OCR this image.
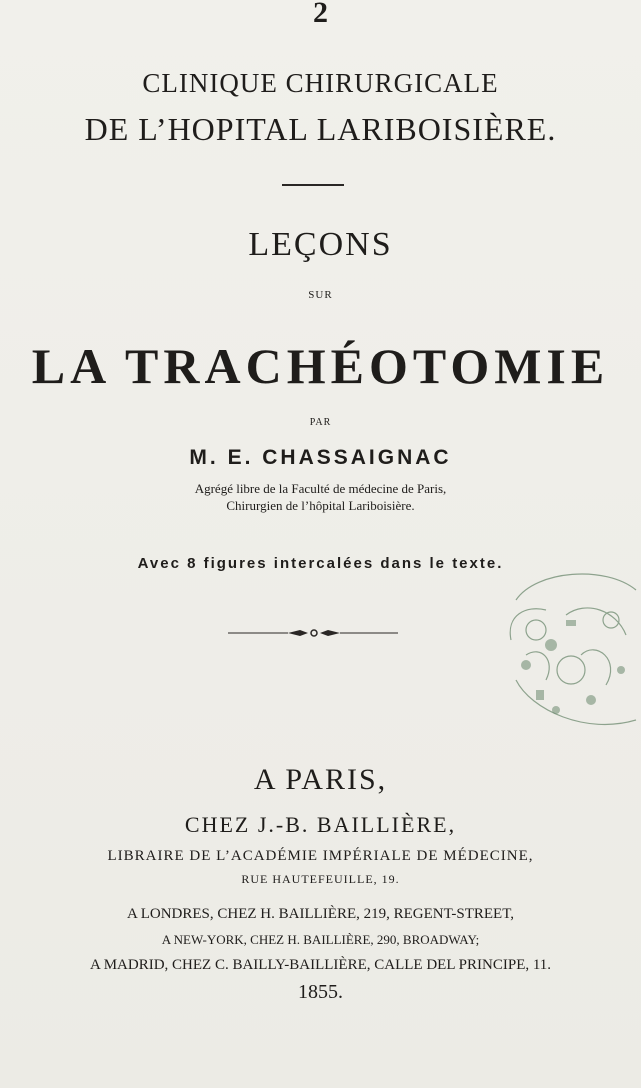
2
CLINIQUE CHIRURGICALE
DE L’HOPITAL LARIBOISIÈRE.
LEÇONS
SUR
LA TRACHÉOTOMIE
PAR
M. E. CHASSAIGNAC
Agrégé libre de la Faculté de médecine de Paris,
Chirurgien de l’hôpital Lariboisière.
Avec 8 figures intercalées dans le texte.
A PARIS,
CHEZ J.-B. BAILLIÈRE,
LIBRAIRE DE L’ACADÉMIE IMPÉRIALE DE MÉDECINE,
RUE HAUTEFEUILLE, 19.
A LONDRES, CHEZ H. BAILLIÈRE, 219, REGENT-STREET,
A NEW-YORK, CHEZ H. BAILLIÈRE, 290, BROADWAY;
A MADRID, CHEZ C. BAILLY-BAILLIÈRE, CALLE DEL PRINCIPE, 11.
1855.
